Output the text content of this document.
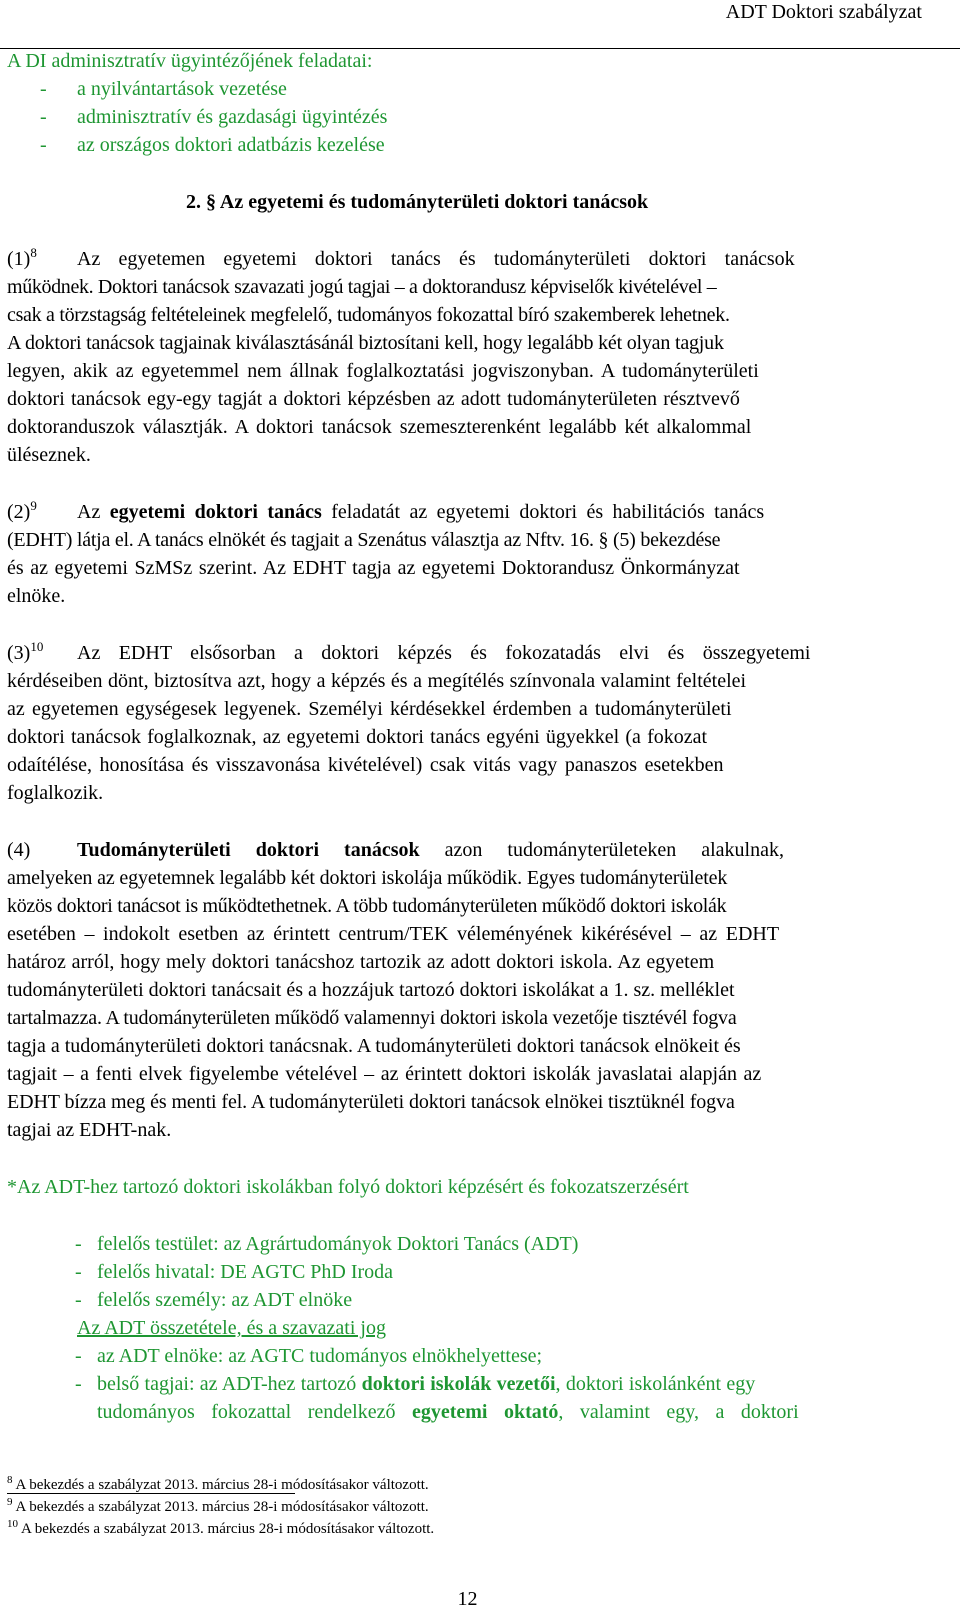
ADT Doktori szabályzat
A DI adminisztratív ügyintézőjének feladatai:
- a nyilvántartások vezetése
- adminisztratív és gazdasági ügyintézés
- az országos doktori adatbázis kezelése
2. § Az egyetemi és tudományterületi doktori tanácsok
(1)$^8$ Az egyetemen egyetemi doktori tanács és tudományterületi doktori tanácsok
működnek. Doktori tanácsok szavazati jogú tagjai – a doktorandusz képviselők kivételével –
csak a törzstagság feltételeinek megfelelő, tudományos fokozattal bíró szakemberek lehetnek.
A doktori tanácsok tagjainak kiválasztásánál biztosítani kell, hogy legalább két olyan tagjuk
legyen, akik az egyetemmel nem állnak foglalkoztatási jogviszonyban. A tudományterületi
doktori tanácsok egy-egy tagját a doktori képzésben az adott tudományterületen résztvevő
doktoranduszok választják. A doktori tanácsok szemeszterenként legalább két alkalommal
üléseznek.
(2)$^9$ Az egyetemi doktori tanács feladatát az egyetemi doktori és habilitációs tanács
(EDHT) látja el. A tanács elnökét és tagjait a Szenátus választja az Nftv. 16. § (5) bekezdése
és az egyetemi SzMSz szerint. Az EDHT tagja az egyetemi Doktorandusz Önkormányzat
elnöke.
(3)$^{10}$ Az EDHT elsősorban a doktori képzés és fokozatadás elvi és összegyetemi
kérdéseiben dönt, biztosítva azt, hogy a képzés és a megítélés színvonala valamint feltételei
az egyetemen egységesek legyenek. Személyi kérdésekkel érdemben a tudományterületi
doktori tanácsok foglalkoznak, az egyetemi doktori tanács egyéni ügyekkel (a fokozat
odaítélése, honosítása és visszavonása kivételével) csak vitás vagy panaszos esetekben
foglalkozik.
(4) Tudományterületi doktori tanácsok azon tudományterületeken alakulnak,
amelyeken az egyetemnek legalább két doktori iskolája működik. Egyes tudományterületek
közös doktori tanácsot is működtethetnek. A több tudományterületen működő doktori iskolák
esetében – indokolt esetben az érintett centrum/TEK véleményének kikérésével – az EDHT
határoz arról, hogy mely doktori tanácshoz tartozik az adott doktori iskola. Az egyetem
tudományterületi doktori tanácsait és a hozzájuk tartozó doktori iskolákat a 1. sz. melléklet
tartalmazza. A tudományterületen működő valamennyi doktori iskola vezetője tisztévél fogva
tagja a tudományterületi doktori tanácsnak. A tudományterületi doktori tanácsok elnökeit és
tagjait – a fenti elvek figyelembe vételével – az érintett doktori iskolák javaslatai alapján az
EDHT bízza meg és menti fel. A tudományterületi doktori tanácsok elnökei tisztüknél fogva
tagjai az EDHT-nak.
*Az ADT-hez tartozó doktori iskolákban folyó doktori képzésért és fokozatszerzésért
- felelős testület: az Agrártudományok Doktori Tanács (ADT)
- felelős hivatal: DE AGTC PhD Iroda
- felelős személy: az ADT elnöke
Az ADT összetétele, és a szavazati jog
- az ADT elnöke: az AGTC tudományos elnökhelyettese;
- belső tagjai: az ADT-hez tartozó doktori iskolák vezetői, doktori iskolánként egy
tudományos fokozattal rendelkező egyetemi oktató, valamint egy, a doktori
$^8$ A bekezdés a szabályzat 2013. március 28-i módosításakor változott.
$^9$ A bekezdés a szabályzat 2013. március 28-i módosításakor változott.
$^{10}$ A bekezdés a szabályzat 2013. március 28-i módosításakor változott.
12
